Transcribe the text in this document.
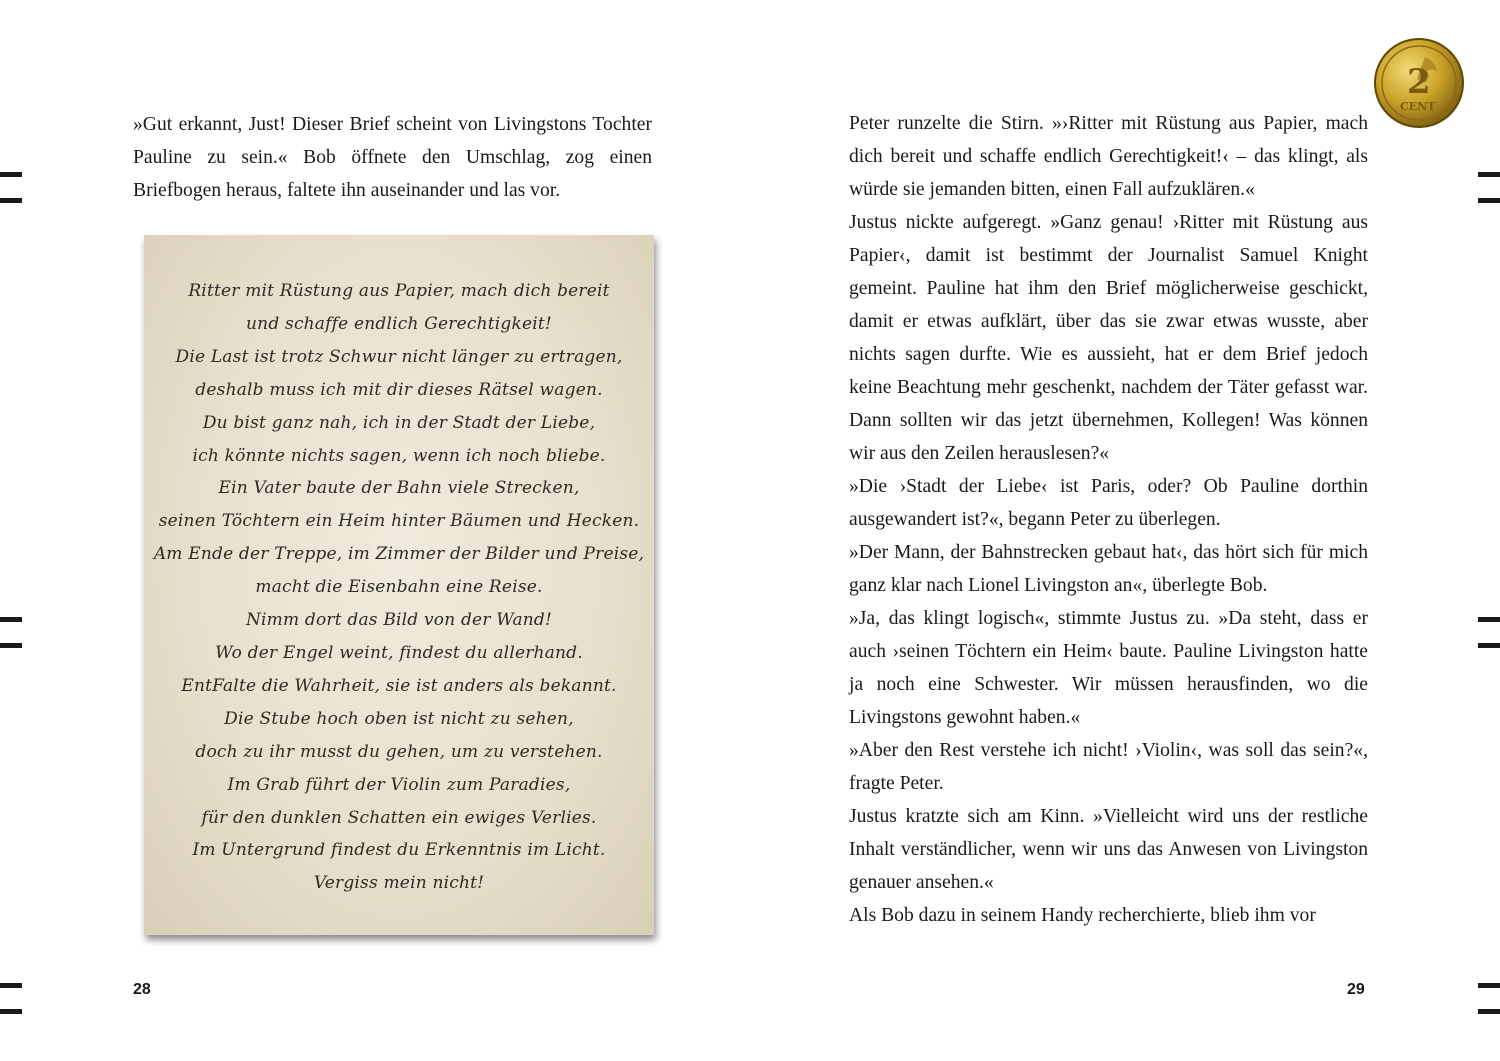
»Gut erkannt, Just! Dieser Brief scheint von Livingstons Tochter Pauline zu sein.« Bob öffnete den Umschlag, zog einen Briefbogen heraus, faltete ihn auseinander und las vor.

Ritter mit Rüstung aus Papier, mach dich bereit
und schaffe endlich Gerechtigkeit!
Die Last ist trotz Schwur nicht länger zu ertragen,
deshalb muss ich mit dir dieses Rätsel wagen.
Du bist ganz nah, ich in der Stadt der Liebe,
ich könnte nichts sagen, wenn ich noch bliebe.
Ein Vater baute der Bahn viele Strecken,
seinen Töchtern ein Heim hinter Bäumen und Hecken.
Am Ende der Treppe, im Zimmer der Bilder und Preise,
macht die Eisenbahn eine Reise.
Nimm dort das Bild von der Wand!
Wo der Engel weint, findest du allerhand.
EntFalte die Wahrheit, sie ist anders als bekannt.
Die Stube hoch oben ist nicht zu sehen,
doch zu ihr musst du gehen, um zu verstehen.
Im Grab führt der Violin zum Paradies,
für den dunklen Schatten ein ewiges Verlies.
Im Untergrund findest du Erkenntnis im Licht.
Vergiss mein nicht!
28
2
CENT

Peter runzelte die Stirn. »›Ritter mit Rüstung aus Papier, mach dich bereit und schaffe endlich Gerechtigkeit!‹ – das klingt, als würde sie jemanden bitten, einen Fall aufzuklären.«

Justus nickte aufgeregt. »Ganz genau! ›Ritter mit Rüstung aus Papier‹, damit ist bestimmt der Journalist Samuel Knight gemeint. Pauline hat ihm den Brief möglicherweise geschickt, damit er etwas aufklärt, über das sie zwar etwas wusste, aber nichts sagen durfte. Wie es aussieht, hat er dem Brief jedoch keine Beachtung mehr geschenkt, nachdem der Täter gefasst war. Dann sollten wir das jetzt übernehmen, Kollegen! Was können wir aus den Zeilen herauslesen?«

»Die ›Stadt der Liebe‹ ist Paris, oder? Ob Pauline dorthin ausgewandert ist?«, begann Peter zu überlegen.

»Der Mann, der Bahnstrecken gebaut hat‹, das hört sich für mich ganz klar nach Lionel Livingston an«, überlegte Bob.

»Ja, das klingt logisch«, stimmte Justus zu. »Da steht, dass er auch ›seinen Töchtern ein Heim‹ baute. Pauline Livingston hatte ja noch eine Schwester. Wir müssen herausfinden, wo die Livingstons gewohnt haben.«

»Aber den Rest verstehe ich nicht! ›Violin‹, was soll das sein?«, fragte Peter.

Justus kratzte sich am Kinn. »Vielleicht wird uns der restliche Inhalt verständlicher, wenn wir uns das Anwesen von Livingston genauer ansehen.«

Als Bob dazu in seinem Handy recherchierte, blieb ihm vor

29
